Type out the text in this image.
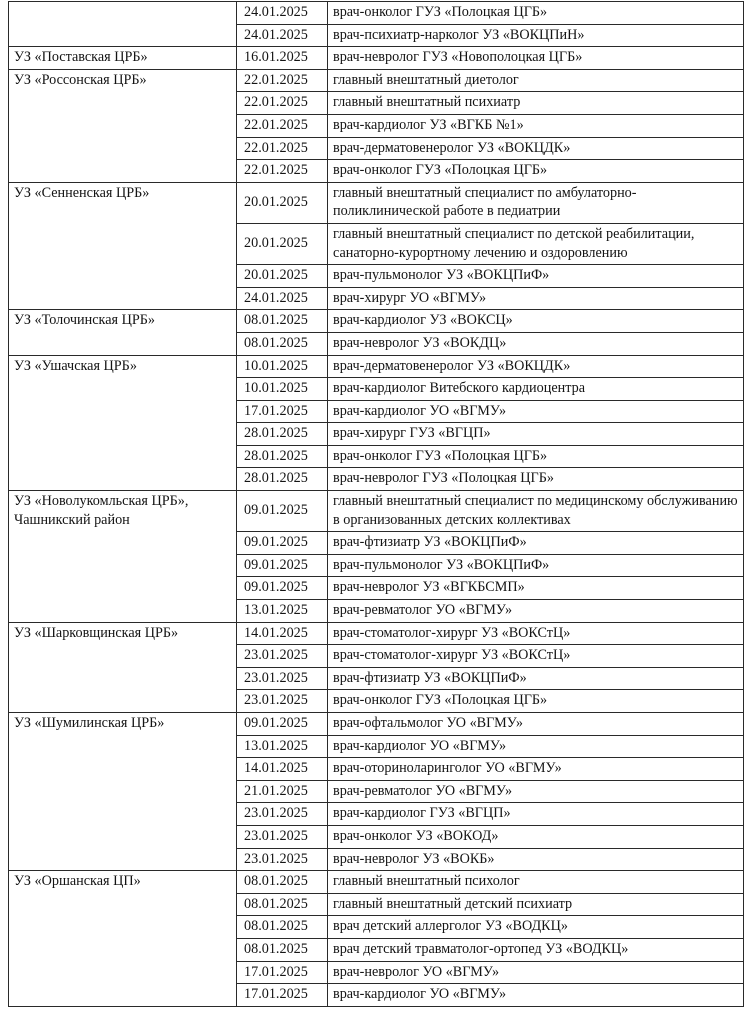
	24.01.2025	врач-онколог ГУЗ «Полоцкая ЦГБ»
	24.01.2025	врач-психиатр-нарколог УЗ «ВОКЦПиН»
УЗ «Поставская ЦРБ»	16.01.2025	врач-невролог ГУЗ «Новополоцкая ЦГБ»
УЗ «Россонская ЦРБ»	22.01.2025	главный внештатный диетолог
	22.01.2025	главный внештатный психиатр
	22.01.2025	врач-кардиолог УЗ «ВГКБ №1»
	22.01.2025	врач-дерматовенеролог УЗ «ВОКЦДК»
	22.01.2025	врач-онколог ГУЗ «Полоцкая ЦГБ»
УЗ «Сенненская ЦРБ»	20.01.2025	главный внештатный специалист по амбулаторно-поликлинической работе в педиатрии
	20.01.2025	главный внештатный специалист по детской реабилитации, санаторно-курортному лечению и оздоровлению
	20.01.2025	врач-пульмонолог УЗ «ВОКЦПиФ»
	24.01.2025	врач-хирург УО «ВГМУ»
УЗ «Толочинская ЦРБ»	08.01.2025	врач-кардиолог УЗ «ВОКСЦ»
	08.01.2025	врач-невролог УЗ «ВОКДЦ»
УЗ «Ушачская ЦРБ»	10.01.2025	врач-дерматовенеролог УЗ «ВОКЦДК»
	10.01.2025	врач-кардиолог Витебского кардиоцентра
	17.01.2025	врач-кардиолог УО «ВГМУ»
	28.01.2025	врач-хирург ГУЗ «ВГЦП»
	28.01.2025	врач-онколог ГУЗ «Полоцкая ЦГБ»
	28.01.2025	врач-невролог ГУЗ «Полоцкая ЦГБ»
УЗ «Новолукомльская ЦРБ», Чашникский район	09.01.2025	главный внештатный специалист по медицинскому обслуживанию в организованных детских коллективах
	09.01.2025	врач-фтизиатр УЗ «ВОКЦПиФ»
	09.01.2025	врач-пульмонолог УЗ «ВОКЦПиФ»
	09.01.2025	врач-невролог УЗ «ВГКБСМП»
	13.01.2025	врач-ревматолог УО «ВГМУ»
УЗ «Шарковщинская ЦРБ»	14.01.2025	врач-стоматолог-хирург УЗ «ВОКСтЦ»
	23.01.2025	врач-стоматолог-хирург УЗ «ВОКСтЦ»
	23.01.2025	врач-фтизиатр УЗ «ВОКЦПиФ»
	23.01.2025	врач-онколог ГУЗ «Полоцкая ЦГБ»
УЗ «Шумилинская ЦРБ»	09.01.2025	врач-офтальмолог УО «ВГМУ»
	13.01.2025	врач-кардиолог УО «ВГМУ»
	14.01.2025	врач-оториноларинголог УО «ВГМУ»
	21.01.2025	врач-ревматолог УО «ВГМУ»
	23.01.2025	врач-кардиолог ГУЗ «ВГЦП»
	23.01.2025	врач-онколог УЗ «ВОКОД»
	23.01.2025	врач-невролог УЗ «ВОКБ»
УЗ «Оршанская ЦП»	08.01.2025	главный внештатный психолог
	08.01.2025	главный внештатный детский психиатр
	08.01.2025	врач детский аллерголог УЗ «ВОДКЦ»
	08.01.2025	врач детский травматолог-ортопед УЗ «ВОДКЦ»
	17.01.2025	врач-невролог УО «ВГМУ»
	17.01.2025	врач-кардиолог УО «ВГМУ»
